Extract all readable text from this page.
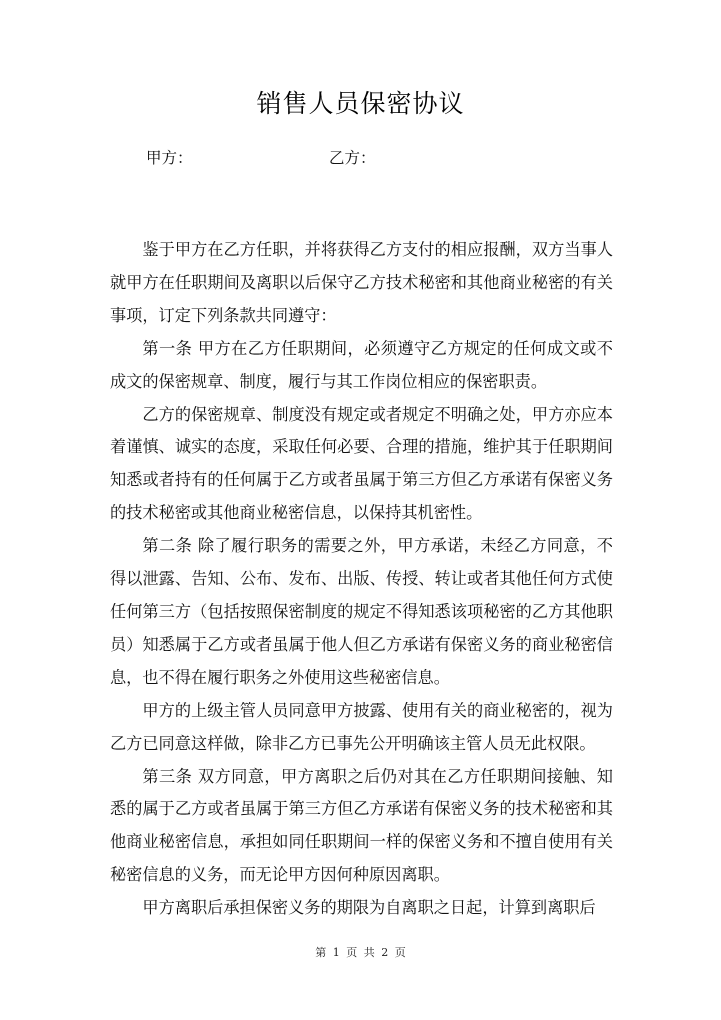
销售人员保密协议
甲方：	乙方：

鉴于甲方在乙方任职，并将获得乙方支付的相应报酬，双方当事人就甲方在任职期间及离职以后保守乙方技术秘密和其他商业秘密的有关事项，订定下列条款共同遵守：

第一条 甲方在乙方任职期间，必须遵守乙方规定的任何成文或不成文的保密规章、制度，履行与其工作岗位相应的保密职责。

乙方的保密规章、制度没有规定或者规定不明确之处，甲方亦应本着谨慎、诚实的态度，采取任何必要、合理的措施，维护其于任职期间知悉或者持有的任何属于乙方或者虽属于第三方但乙方承诺有保密义务的技术秘密或其他商业秘密信息，以保持其机密性。

第二条 除了履行职务的需要之外，甲方承诺，未经乙方同意，不得以泄露、告知、公布、发布、出版、传授、转让或者其他任何方式使任何第三方（包括按照保密制度的规定不得知悉该项秘密的乙方其他职员）知悉属于乙方或者虽属于他人但乙方承诺有保密义务的商业秘密信息，也不得在履行职务之外使用这些秘密信息。

甲方的上级主管人员同意甲方披露、使用有关的商业秘密的，视为乙方已同意这样做，除非乙方已事先公开明确该主管人员无此权限。

第三条 双方同意，甲方离职之后仍对其在乙方任职期间接触、知悉的属于乙方或者虽属于第三方但乙方承诺有保密义务的技术秘密和其他商业秘密信息，承担如同任职期间一样的保密义务和不擅自使用有关秘密信息的义务，而无论甲方因何种原因离职。

甲方离职后承担保密义务的期限为自离职之日起，计算到离职后

第 1 页 共 2 页
